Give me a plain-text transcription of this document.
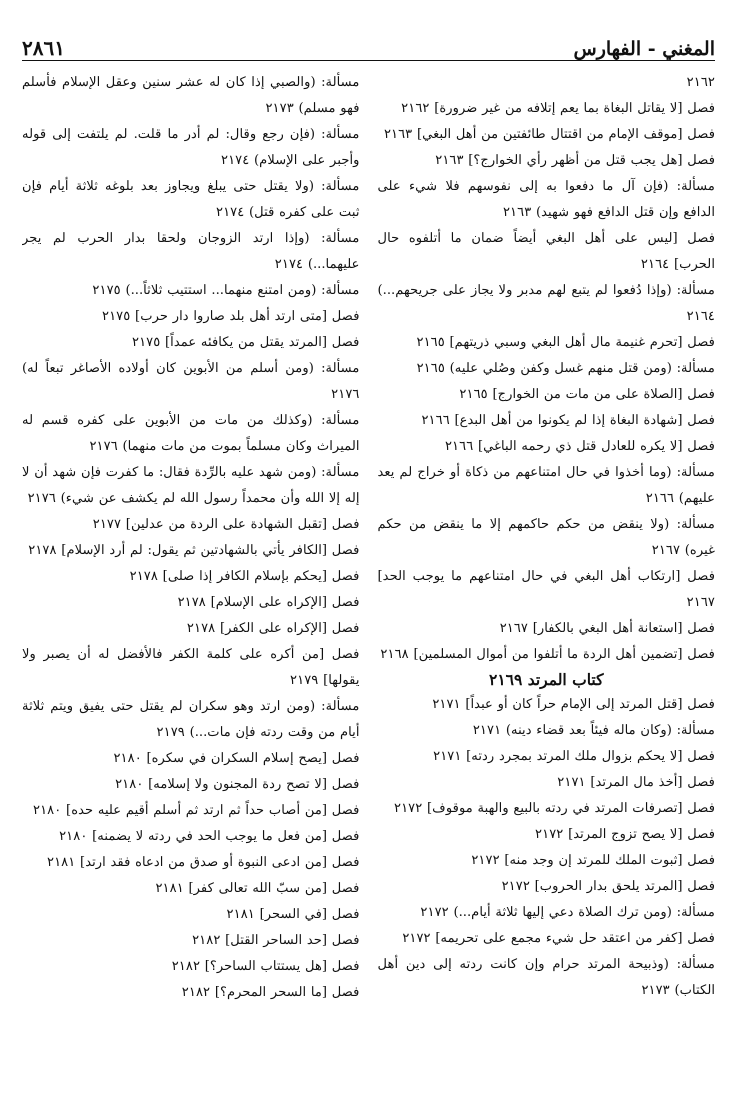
المغني - الفهارس
٢٨٦١

٢١٦٢

فصل [لا يقاتل البغاة بما يعم إتلافه من غير ضرورة] ٢١٦٢

فصل [موقف الإمام من اقتتال طائفتين من أهل البغي] ٢١٦٣

فصل [هل يجب قتل من أظهر رأي الخوارج؟] ٢١٦٣

مسألة: (فإن آل ما دفعوا به إلى نفوسهم فلا شيء على الدافع وإن قتل الدافع فهو شهيد) ٢١٦٣

فصل [ليس على أهل البغي أيضاً ضمان ما أتلفوه حال الحرب] ٢١٦٤

مسألة: (وإذا دُفعوا لم يتبع لهم مدبر ولا يجاز على جريحهم...) ٢١٦٤

فصل [تحرم غنيمة مال أهل البغي وسبي ذريتهم] ٢١٦٥

مسألة: (ومن قتل منهم غسل وكفن وصُلي عليه) ٢١٦٥

فصل [الصلاة على من مات من الخوارج] ٢١٦٥

فصل [شهادة البغاة إذا لم يكونوا من أهل البدع] ٢١٦٦

فصل [لا يكره للعادل قتل ذي رحمه الباغي] ٢١٦٦

مسألة: (وما أخذوا في حال امتناعهم من ذكاة أو خراج لم يعد عليهم) ٢١٦٦

مسألة: (ولا ينقض من حكم حاكمهم إلا ما ينقض من حكم غيره) ٢١٦٧

فصل [ارتكاب أهل البغي في حال امتناعهم ما يوجب الحد] ٢١٦٧

فصل [استعانة أهل البغي بالكفار] ٢١٦٧

فصل [تضمين أهل الردة ما أتلفوا من أموال المسلمين] ٢١٦٨

كتاب المرتد ٢١٦٩

فصل [قتل المرتد إلى الإمام حراً كان أو عبداً] ٢١٧١

مسألة: (وكان ماله فيئاً بعد قضاء دينه) ٢١٧١

فصل [لا يحكم بزوال ملك المرتد بمجرد ردته] ٢١٧١

فصل [أخذ مال المرتد] ٢١٧١

فصل [تصرفات المرتد في ردته بالبيع والهبة موقوف] ٢١٧٢

فصل [لا يصح تزوج المرتد] ٢١٧٢

فصل [ثبوت الملك للمرتد إن وجد منه] ٢١٧٢

فصل [المرتد يلحق بدار الحروب] ٢١٧٢

مسألة: (ومن ترك الصلاة دعي إليها ثلاثة أيام...) ٢١٧٢

فصل [كفر من اعتقد حل شيء مجمع على تحريمه] ٢١٧٢

مسألة: (وذبيحة المرتد حرام وإن كانت ردته إلى دين أهل الكتاب) ٢١٧٣

مسألة: (والصبي إذا كان له عشر سنين وعقل الإسلام فأسلم فهو مسلم) ٢١٧٣

مسألة: (فإن رجع وقال: لم أدر ما قلت. لم يلتفت إلى قوله وأجبر على الإسلام) ٢١٧٤

مسألة: (ولا يقتل حتى يبلغ ويجاوز بعد بلوغه ثلاثة أيام فإن ثبت على كفره قتل) ٢١٧٤

مسألة: (وإذا ارتد الزوجان ولحقا بدار الحرب لم يجر عليهما...) ٢١٧٤

مسألة: (ومن امتنع منهما... استتيب ثلاثاً...) ٢١٧٥

فصل [متى ارتد أهل بلد صاروا دار حرب] ٢١٧٥

فصل [المرتد يقتل من يكافئه عمداً] ٢١٧٥

مسألة: (ومن أسلم من الأبوين كان أولاده الأصاغر تبعاً له) ٢١٧٦

مسألة: (وكذلك من مات من الأبوين على كفره قسم له الميراث وكان مسلماً بموت من مات منهما) ٢١٧٦

مسألة: (ومن شهد عليه بالرِّدة فقال: ما كفرت فإن شهد أن لا إله إلا الله وأن محمداً رسول الله لم يكشف عن شيء) ٢١٧٦

فصل [تقبل الشهادة على الردة من عدلين] ٢١٧٧

فصل [الكافر يأتي بالشهادتين ثم يقول: لم أرد الإسلام] ٢١٧٨

فصل [يحكم بإسلام الكافر إذا صلى] ٢١٧٨

فصل [الإكراه على الإسلام] ٢١٧٨

فصل [الإكراه على الكفر] ٢١٧٨

فصل [من أكره على كلمة الكفر فالأفضل له أن يصبر ولا يقولها] ٢١٧٩

مسألة: (ومن ارتد وهو سكران لم يقتل حتى يفيق ويتم ثلاثة أيام من وقت ردته فإن مات...) ٢١٧٩

فصل [يصح إسلام السكران في سكره] ٢١٨٠

فصل [لا تصح ردة المجنون ولا إسلامه] ٢١٨٠

فصل [من أصاب حداً ثم ارتد ثم أسلم أقيم عليه حده] ٢١٨٠

فصل [من فعل ما يوجب الحد في ردته لا يضمنه] ٢١٨٠

فصل [من ادعى النبوة أو صدق من ادعاه فقد ارتد] ٢١٨١

فصل [من سبّ الله تعالى كفر] ٢١٨١

فصل [في السحر] ٢١٨١

فصل [حد الساحر القتل] ٢١٨٢

فصل [هل يستتاب الساحر؟] ٢١٨٢

فصل [ما السحر المحرم؟] ٢١٨٢
